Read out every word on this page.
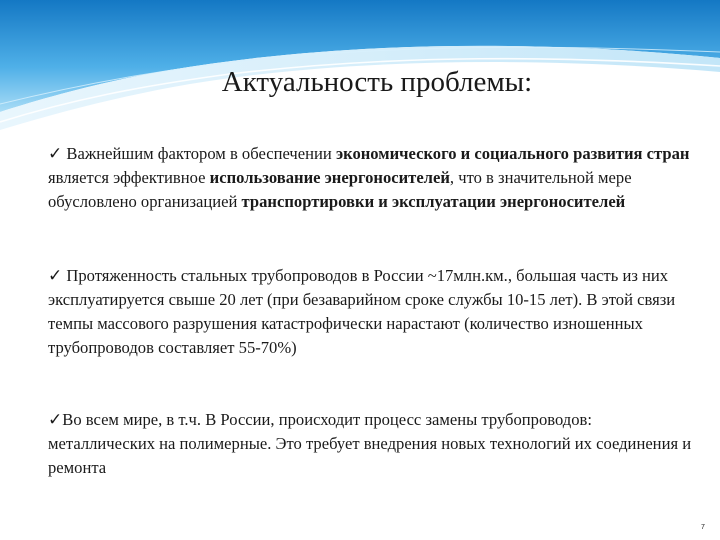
Актуальность проблемы:

✓ Важнейшим фактором в обеспечении экономического и социального развития стран является эффективное использование энергоносителей, что в значительной мере обусловлено организацией транспортировки и эксплуатации энергоносителей

✓ Протяженность стальных трубопроводов в России ~17млн.км., большая часть из них эксплуатируется свыше 20 лет (при безаварийном сроке службы 10-15 лет). В этой связи темпы массового разрушения катастрофически нарастают (количество изношенных трубопроводов составляет 55-70%)

✓Во всем мире, в т.ч. В России, происходит процесс замены трубопроводов: металлических на полимерные. Это требует внедрения новых технологий их соединения и ремонта

7
